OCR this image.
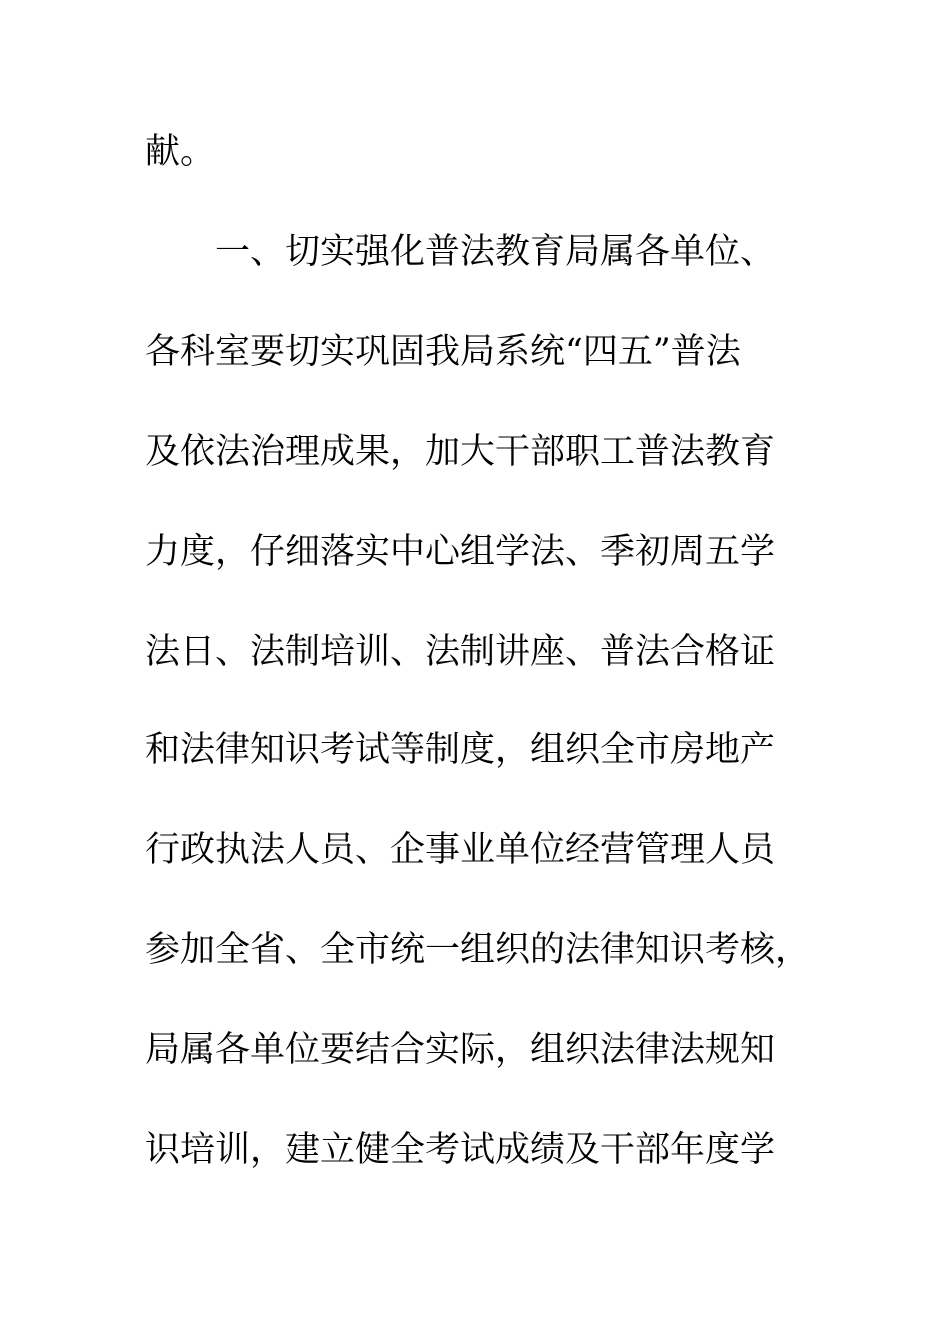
献。
一、切实强化普法教育局属各单位、
各科室要切实巩固我局系统“四五”普法
及依法治理成果，加大干部职工普法教育
力度，仔细落实中心组学法、季初周五学
法日、法制培训、法制讲座、普法合格证
和法律知识考试等制度，组织全市房地产
行政执法人员、企事业单位经营管理人员
参加全省、全市统一组织的法律知识考核，
局属各单位要结合实际，组织法律法规知
识培训，建立健全考试成绩及干部年度学
